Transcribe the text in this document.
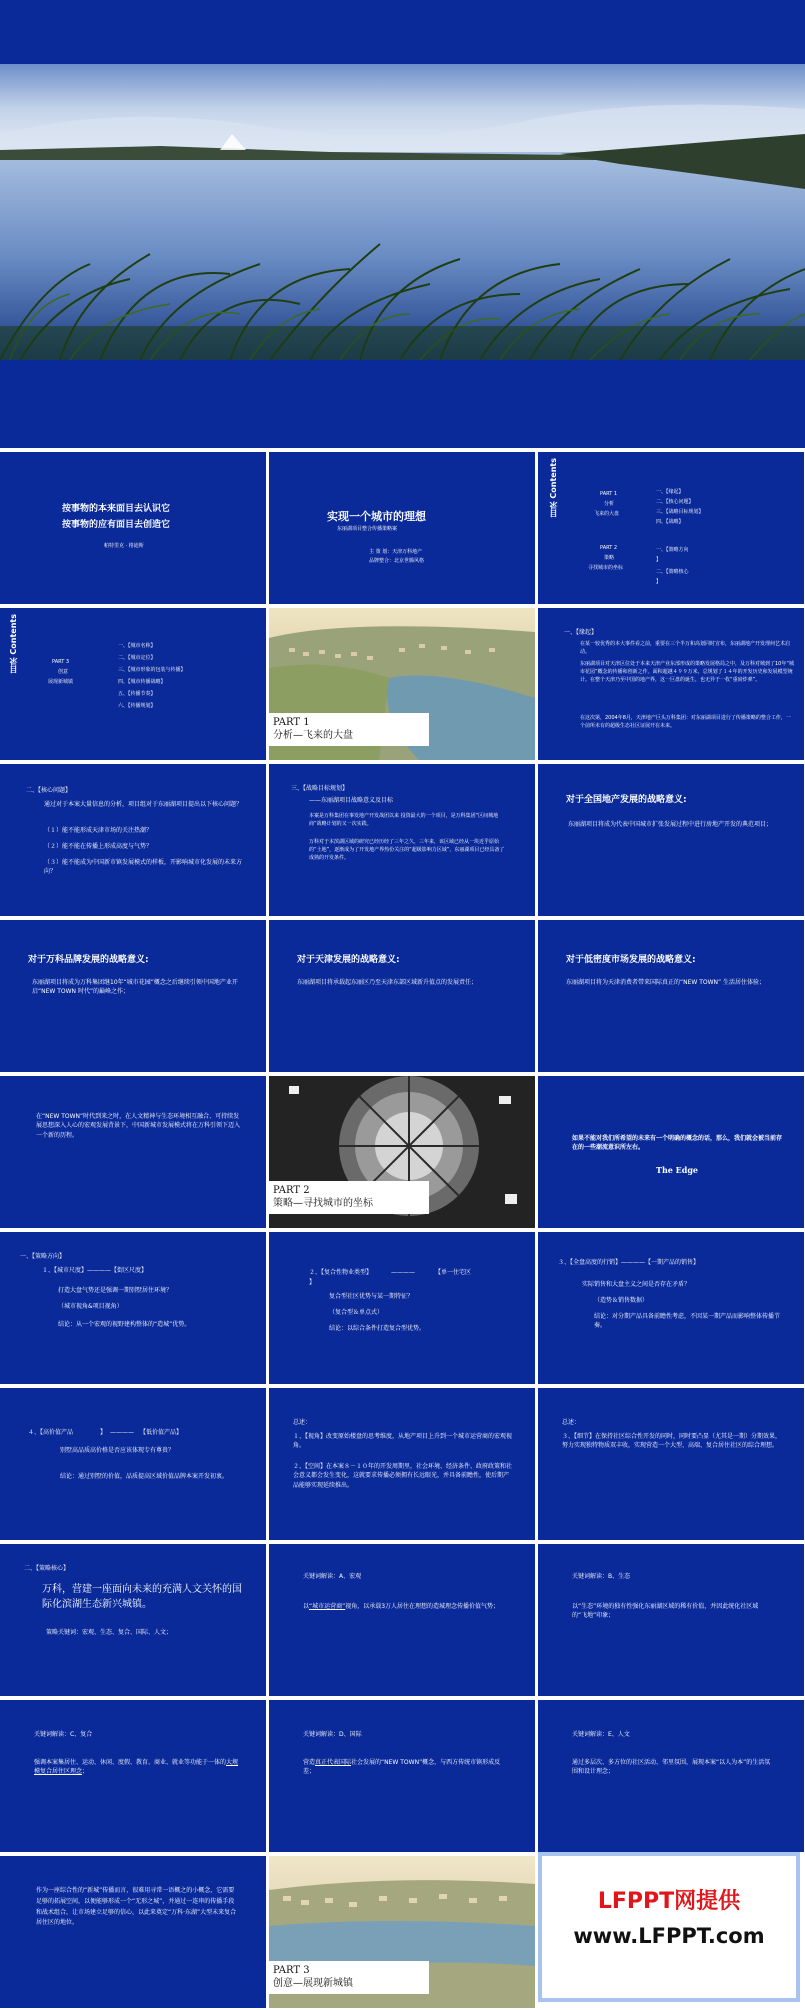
按事物的本来面目去认识它
按事物的应有面目去创造它
帕特里克 · 格迪斯
实现一个城市的理想
东丽湖项目整合传播策略案
主 策 划：天津万科地产
品牌整合：北京世腾风格
目录 Contents	PART 1
分析
飞来的大盘
一、【缘起】
二、【核心问题】
三、【战略目标规划】
四、【战略】
PART 2
策略
寻找城市的坐标
一、【策略方向
】
二、【策略核心
】
目录 Contents	PART 3
创意
展现新城镇
一、【城市名称】
二、【城市定位】
三、【城市形象的包装与传播】
四、【城市传播战略】
五、【传播节奏】
六、【传播规划】
PART 1
分析—飞来的大盘
一、【缘起】
在某一较优秀的本大事件看之前，重要在三个半万和高划同时宣布，东丽湖地产开发理何艺术启动。
东丽湖项目对天津区位处于本来天津产业东部形成的策略发展格局之中，及万科对城到了10年“城市花园”概念的传播和创新之作。面积超越４９９万米，总规划了１４年的开发历史和发展模型统计。在整个天津乃至中国的地产界，这一巨盘的诞生，也无异于一枚“重磅炸弹”。
在这次第，2004年8月，天津地产巨头万科集团：对东丽湖项目进行了传播策略的整合工作，一个前所未有的超级生态社区证展开在未来。
二、【核心问题】
通过对于本案大量信息的分析，项目组对于东丽湖项目提出以下核心问题？
（１）能不能形成天津市场的关注热潮？
（２）能不能在传播上形成高度与气势？
（３）能不能成为中国新市镇发展模式的样板，开影响城市化发展的未来方向？
三、【战略目标规划】
——东丽湖项目战略意义及目标
本案是万科集团在事发地产开发战团以来 投资最大的一个项目，是万科集团“区间城地商”战略计划的又一次实践。
万科对于本滨湖区域的研究已经历经了三年之久，三年来，该区域已经从一块近乎原始的“土地”，逐渐成为了开发地产界热份关注的“超级影响力区域”，东丽湖项目已经具备了成熟的开发条件。
对于全国地产发展的战略意义:
东丽湖项目将成为代表中国城市扩张发展过程中进行房地产开发的典范项目；
对于万科品牌发展的战略意义:
东丽湖项目将成为万科集团继10年“城市花园”概念之后继续引领中国地产业开启“NEW TOWN 时代”的巅峰之作；
对于天津发展的战略意义:
东丽湖项目将承载起东丽区乃至天津东部区域新升值点的发展责任；
对于低密度市场发展的战略意义:
东丽湖项目将为天津消费者带来国际真正的“NEW TOWN” 生活居住体验；
在“NEW TOWN”时代到来之时，在人文精神与生态环境相互融合、可持续发展思想深入人心的宏观发展背景下，中国新城市发展模式将在万科引领下迈入一个新的历程。
PART 2
策略—寻找城市的坐标
如果不能对我们所希望的未来有一个明确的概念的话，那么，我们就会被当前存在的一些潮流意识所左右。
The Edge
一、【策略方向】
１、【城市尺度】————【街区尺度】
打造大盘气势还是强调一期别墅居住环境？
（城市视角&项目视角）
结论：从一个宏观的视野建构整体的“造城”优势。
２、【复合性物业类型】	————	【单一住宅区
】
复合型社区优势与某一期特征？
（复合型＆单点式）
结论：以综合条件打造复合型优势。
３、【全盘高度的行销】————【一期产品的销售】
实际销售和大盘主义之间是否存在矛盾？
（造势＆销售数据）
结论：对分期产品具备前瞻性考虑，不因某一期产品而影响整体传播节奏。
４、【高价值产品	】 ———— 【低价值产品】
别墅高品质高价格是否应该体现专有尊贵？
结论：通过别墅的价值，品质提高区域价值品牌本案开发初衷。
总述：
１、【视角】改变原始楼盘的思考维度，从地产项目上升到一个城市运营商的宏观视角。
２、【空间】在本案８－１０年的开发周期里，社会环境、经济条件、政府政策和社会意义都会发生变化，这就要求传播必须拥有长远眼光，并具备前瞻性，使后期产品能够实现延续推出。
总述：
３、【细节】在保持社区综合性开发的同时，同时要凸显（尤其是一期）分期效果，努力实现独特物质双丰收，实现营造一个大型、高端、复合居住社区的综合理想。
二、【策略核心】
万科，营建一座面向未来的充满人文关怀的国际化滨湖生态新兴城镇。
策略关键词：宏观、生态、复合、国际、人文；
关键词解读：A、宏观
以“城市运营商”视角，以承载3万人居住在理想的造城理念传播价值气势；
关键词解读：B、生态
以“生态”环境的独有性强化东丽湖区域的稀有价值，并因此统化社区域的“飞地”印象；
关键词解读：C、复合
强调本案集居住、运动、休闲、度假、教育、商业、就业等功能于一体的大规模复合居住区理念；
关键词解读：D、国际
营造真正代表国际社会发展的“NEW TOWN”概念，与西方传统市镇形成反差；
关键词解读：E、人文
通过多层次、多方位的社区活动、邻里氛围，展现本案“以人为本”的生活氛围和设计理念；
作为一座综合性的“新城”传播而言，很难用寻常一语概之的小概念，它需要足够的拓展空间，以便能够形成一个“无形之城”，并通过一连串的传播手段和战术组合，让市场建立足够的信心，以此来奠定“万科·东湖”大型未来复合居住区的地位。
PART 3
创意—展现新城镇
LFPPT网提供
www.LFPPT.com
